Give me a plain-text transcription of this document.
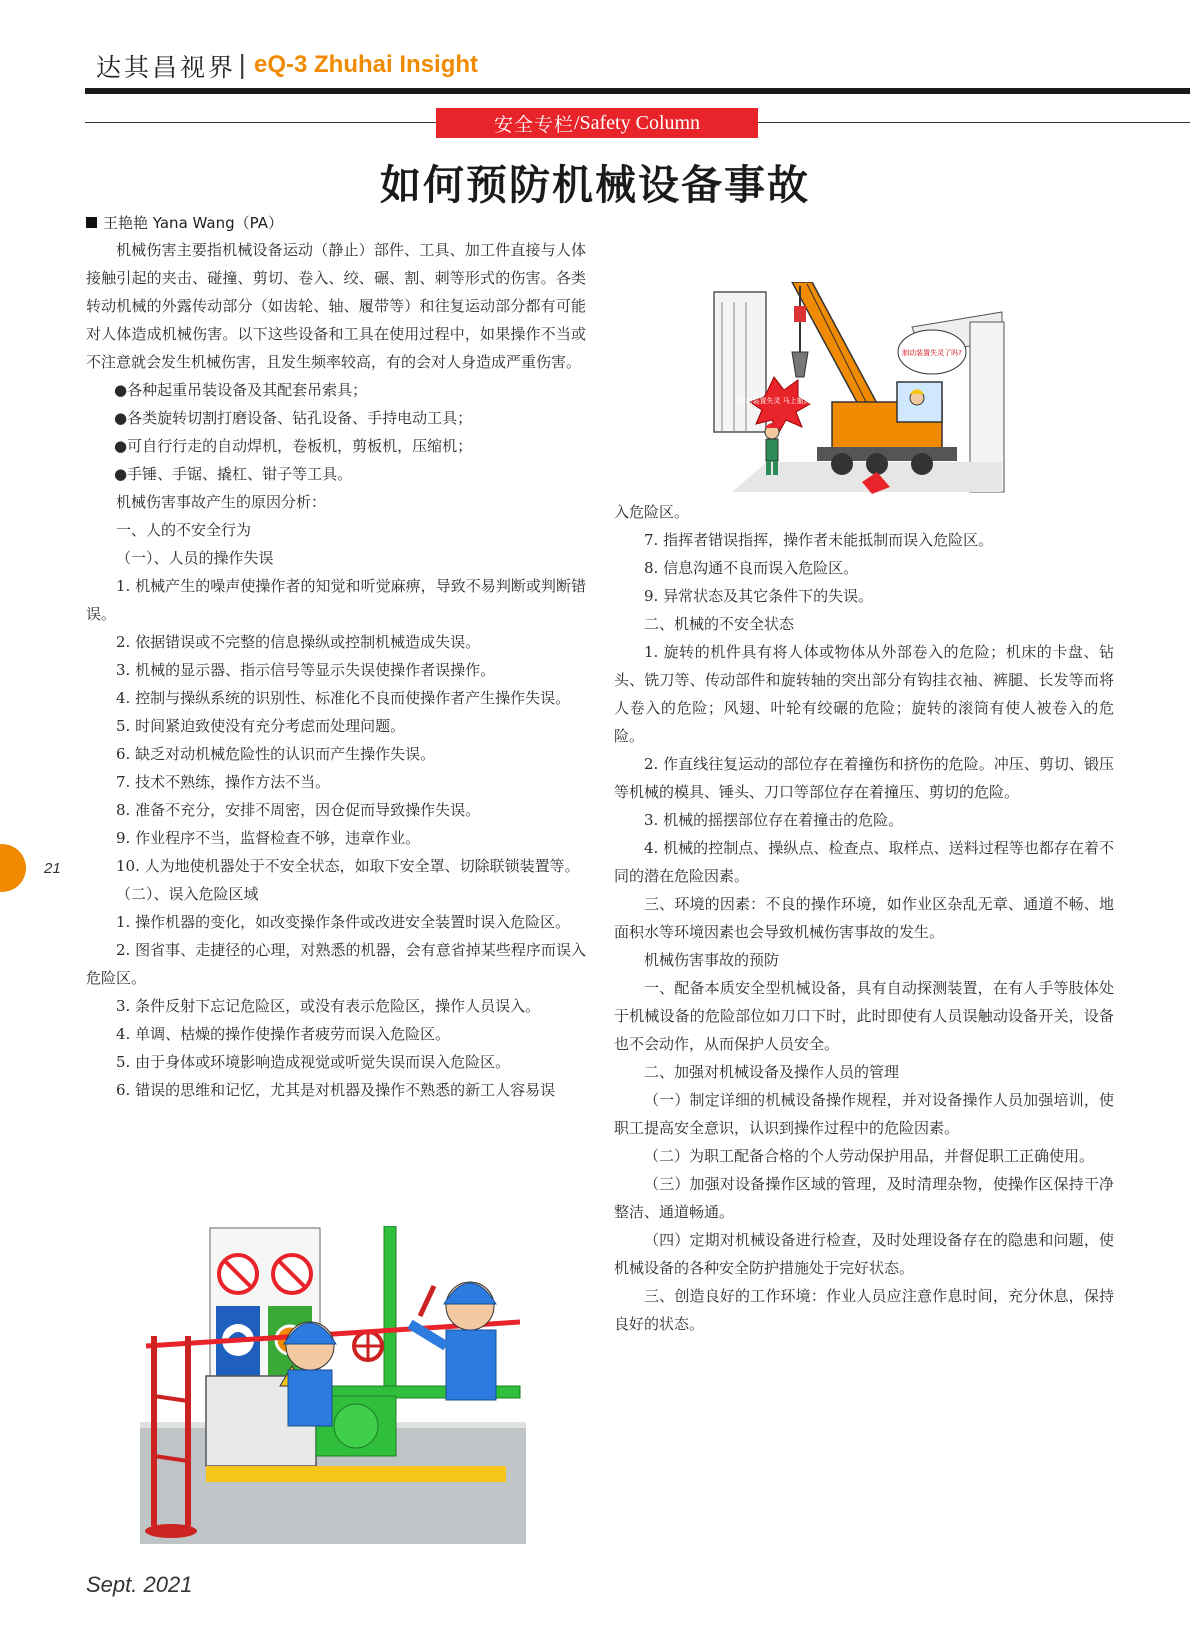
达其昌视界 | eQ-3 Zhuhai Insight
安全专栏 /Safety Column
如何预防机械设备事故
王艳艳 Yana Wang（PA）

机械伤害主要指机械设备运动（静止）部件、工具、加工件直接与人体接触引起的夹击、碰撞、剪切、卷入、绞、碾、割、刺等形式的伤害。各类转动机械的外露传动部分（如齿轮、轴、履带等）和往复运动部分都有可能对人体造成机械伤害。以下这些设备和工具在使用过程中，如果操作不当或不注意就会发生机械伤害，且发生频率较高，有的会对人身造成严重伤害。

●各种起重吊装设备及其配套吊索具；

●各类旋转切割打磨设备、钻孔设备、手持电动工具；

●可自行行走的自动焊机，卷板机，剪板机，压缩机；

●手锤、手锯、撬杠、钳子等工具。

机械伤害事故产生的原因分析：

一、人的不安全行为

（一）、人员的操作失误

1. 机械产生的噪声使操作者的知觉和听觉麻痹，导致不易判断或判断错误。

2. 依据错误或不完整的信息操纵或控制机械造成失误。

3. 机械的显示器、指示信号等显示失误使操作者误操作。

4. 控制与操纵系统的识别性、标准化不良而使操作者产生操作失误。

5. 时间紧迫致使没有充分考虑而处理问题。

6. 缺乏对动机械危险性的认识而产生操作失误。

7. 技术不熟练，操作方法不当。

8. 准备不充分，安排不周密，因仓促而导致操作失误。

9. 作业程序不当，监督检查不够，违章作业。

10. 人为地使机器处于不安全状态，如取下安全罩、切除联锁装置等。

（二）、误入危险区域

1. 操作机器的变化，如改变操作条件或改进安全装置时误入危险区。

2. 图省事、走捷径的心理，对熟悉的机器，会有意省掉某些程序而误入危险区。

3. 条件反射下忘记危险区，或没有表示危险区，操作人员误入。

4. 单调、枯燥的操作使操作者疲劳而误入危险区。

5. 由于身体或环境影响造成视觉或听觉失误而误入危险区。

6. 错误的思维和记忆，尤其是对机器及操作不熟悉的新工人容易误

入危险区。

7. 指挥者错误指挥，操作者未能抵制而误入危险区。

8. 信息沟通不良而误入危险区。

9. 异常状态及其它条件下的失误。

二、机械的不安全状态

1. 旋转的机件具有将人体或物体从外部卷入的危险；机床的卡盘、钻头、铣刀等、传动部件和旋转轴的突出部分有钩挂衣袖、裤腿、长发等而将人卷入的危险；风翅、叶轮有绞碾的危险；旋转的滚筒有使人被卷入的危险。

2. 作直线往复运动的部位存在着撞伤和挤伤的危险。冲压、剪切、锻压等机械的模具、锤头、刀口等部位存在着撞压、剪切的危险。

3. 机械的摇摆部位存在着撞击的危险。

4. 机械的控制点、操纵点、检查点、取样点、送料过程等也都存在着不同的潜在危险因素。

三、环境的因素：不良的操作环境，如作业区杂乱无章、通道不畅、地面积水等环境因素也会导致机械伤害事故的发生。

机械伤害事故的预防

一、配备本质安全型机械设备，具有自动探测装置，在有人手等肢体处于机械设备的危险部位如刀口下时，此时即使有人员误触动设备开关，设备也不会动作，从而保护人员安全。

二、加强对机械设备及操作人员的管理

（一）制定详细的机械设备操作规程，并对设备操作人员加强培训，使职工提高安全意识，认识到操作过程中的危险因素。

（二）为职工配备合格的个人劳动保护用品，并督促职工正确使用。

（三）加强对设备操作区域的管理，及时清理杂物，使操作区保持干净整洁、通道畅通。

（四）定期对机械设备进行检查，及时处理设备存在的隐患和问题，使机械设备的各种安全防护措施处于完好状态。

三、创造良好的工作环境：作业人员应注意作息时间，充分休息，保持良好的状态。

制动装置失灵 马上撤离!
制动装置失灵了吗?
21
Sept. 2021
